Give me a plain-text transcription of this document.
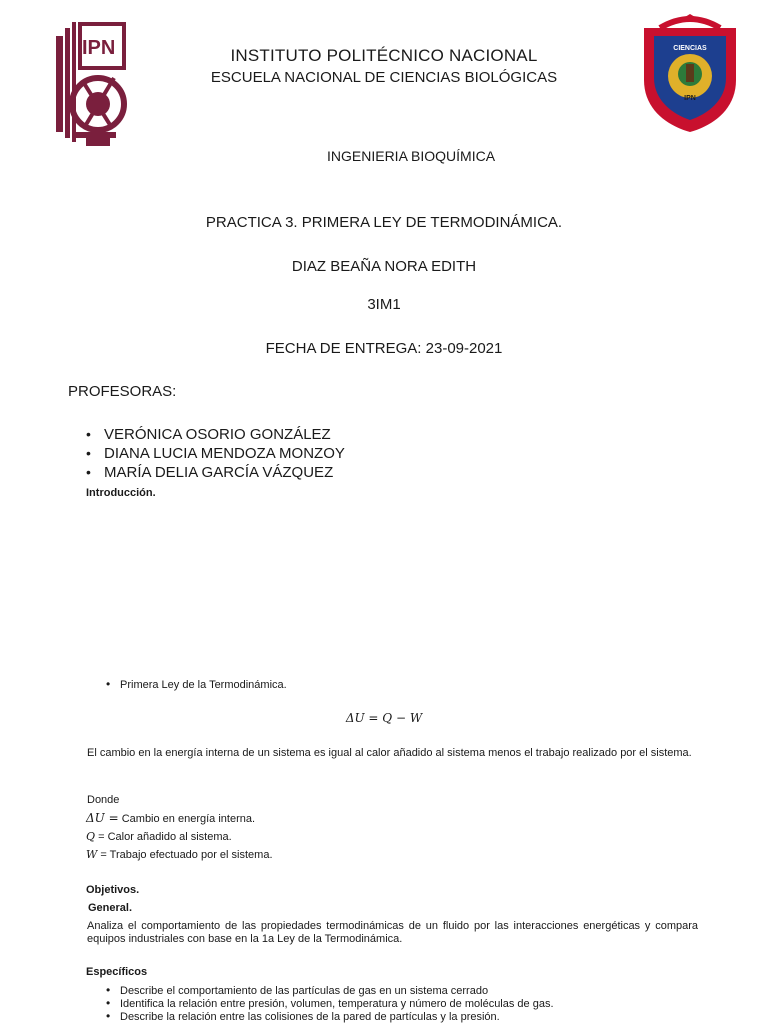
IPN	CIENCIAS
IPN
INSTITUTO POLITÉCNICO NACIONAL
ESCUELA NACIONAL DE CIENCIAS BIOLÓGICAS
INGENIERIA BIOQUÍMICA
PRACTICA 3. PRIMERA LEY DE TERMODINÁMICA.
DIAZ BEAÑA NORA EDITH
3IM1
FECHA DE ENTREGA: 23-09-2021
PROFESORAS:
• VERÓNICA OSORIO GONZÁLEZ
• DIANA LUCIA MENDOZA MONZOY
• MARÍA DELIA GARCÍA VÁZQUEZ
Introducción.
• Primera Ley de la Termodinámica.
ΔU = Q − W
El cambio en la energía interna de un sistema es igual al calor añadido al sistema menos el trabajo realizado por el sistema.
Donde
ΔU = Cambio en energía interna.
Q = Calor añadido al sistema.
W = Trabajo efectuado por el sistema.
Objetivos.
General.
Analiza el comportamiento de las propiedades termodinámicas de un fluido por las interacciones energéticas y compara equipos industriales con base en la 1a Ley de la Termodinámica.
Específicos
• Describe el comportamiento de las partículas de gas en un sistema cerrado
• Identifica la relación entre presión, volumen, temperatura y número de moléculas de gas.
• Describe la relación entre las colisiones de la pared de partículas y la presión.
